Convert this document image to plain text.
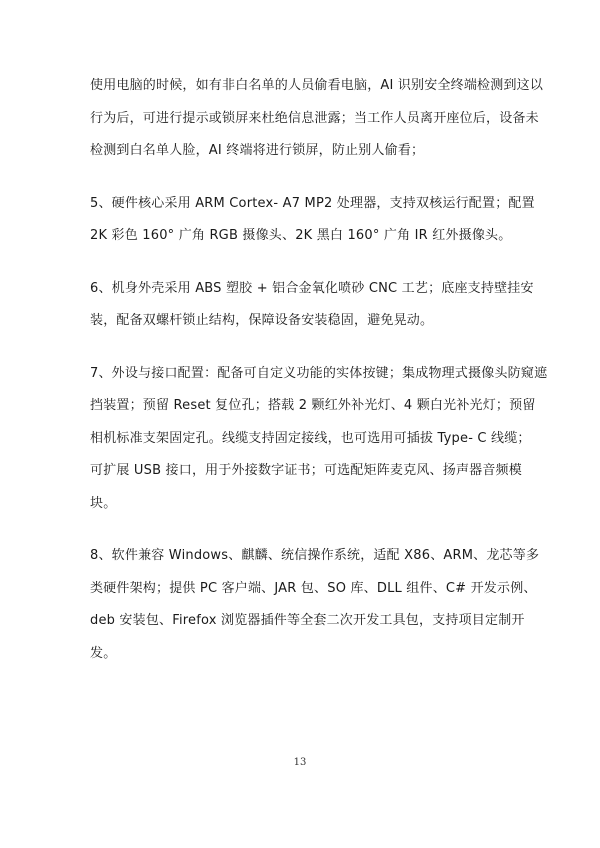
使用电脑的时候，如有非白名单的人员偷看电脑，AI 识别安全终端检测到这以
行为后，可进行提示或锁屏来杜绝信息泄露；当工作人员离开座位后，设备未
检测到白名单人脸，AI 终端将进行锁屏，防止别人偷看；

5、硬件核心采用 ARM Cortex- A7 MP2 处理器，支持双核运行配置；配置
2K 彩色 160° 广角 RGB 摄像头、2K 黑白 160° 广角 IR 红外摄像头。

6、机身外壳采用 ABS 塑胶 + 铝合金氧化喷砂 CNC 工艺；底座支持壁挂安
装，配备双螺杆锁止结构，保障设备安装稳固，避免晃动。

7、外设与接口配置：配备可自定义功能的实体按键；集成物理式摄像头防窥遮
挡装置；预留 Reset 复位孔；搭载 2 颗红外补光灯、4 颗白光补光灯；预留
相机标准支架固定孔。线缆支持固定接线，也可选用可插拔 Type- C 线缆；
可扩展 USB 接口，用于外接数字证书；可选配矩阵麦克风、扬声器音频模
块。

8、软件兼容 Windows、麒麟、统信操作系统，适配 X86、ARM、龙芯等多
类硬件架构；提供 PC 客户端、JAR 包、SO 库、DLL 组件、C# 开发示例、
deb 安装包、Firefox 浏览器插件等全套二次开发工具包，支持项目定制开
发。

13
